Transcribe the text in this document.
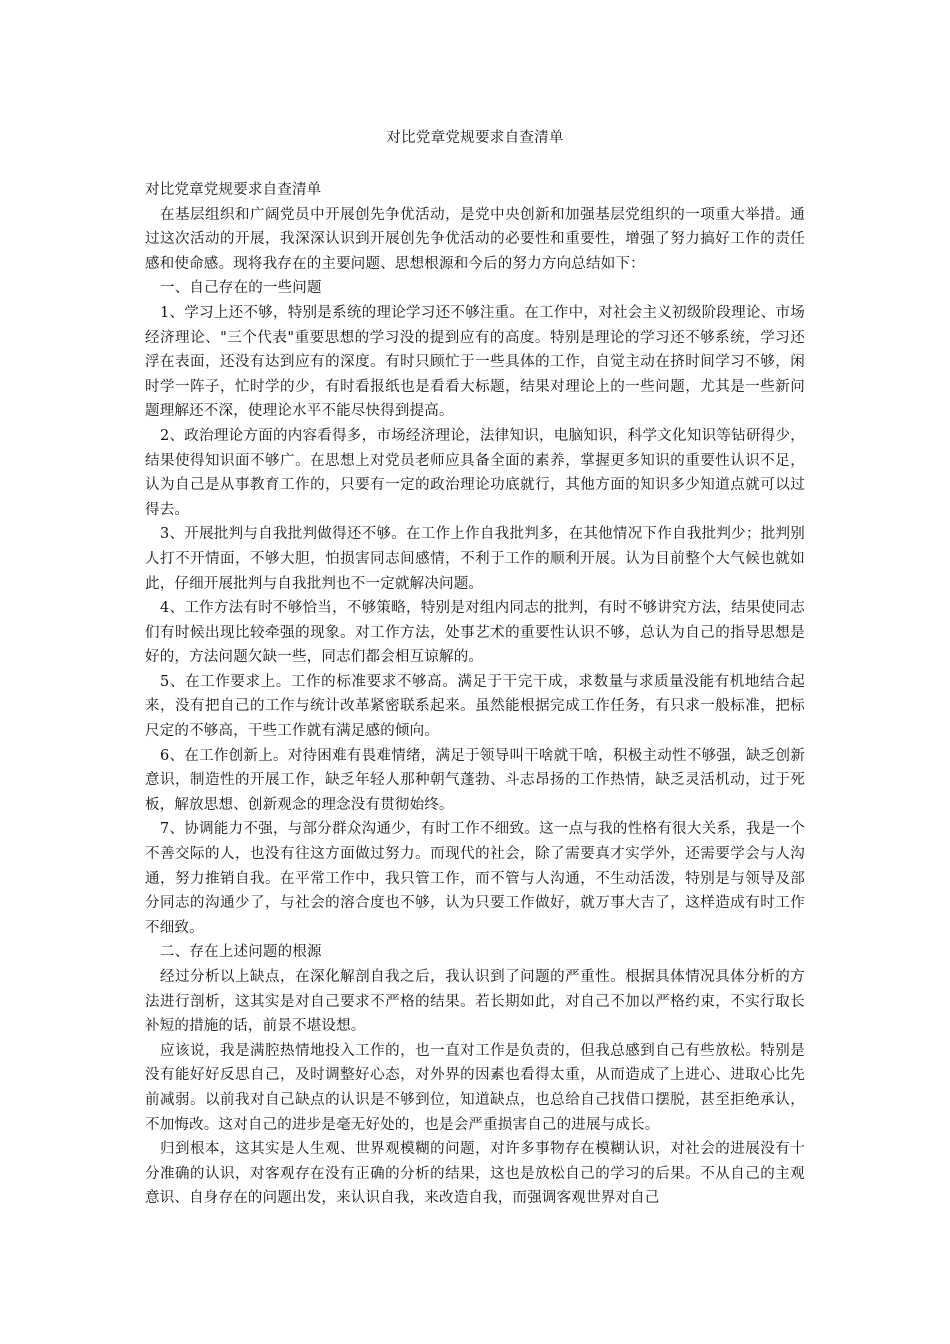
对比党章党规要求自查清单

对比党章党规要求自查清单

在基层组织和广阔党员中开展创先争优活动，是党中央创新和加强基层党组织的一项重大举措。通过这次活动的开展，我深深认识到开展创先争优活动的必要性和重要性，增强了努力搞好工作的责任感和使命感。现将我存在的主要问题、思想根源和今后的努力方向总结如下：

一、自己存在的一些问题

1、学习上还不够，特别是系统的理论学习还不够注重。在工作中，对社会主义初级阶段理论、市场经济理论、"三个代表"重要思想的学习没的提到应有的高度。特别是理论的学习还不够系统，学习还浮在表面，还没有达到应有的深度。有时只顾忙于一些具体的工作，自觉主动在挤时间学习不够，闲时学一阵子，忙时学的少，有时看报纸也是看看大标题，结果对理论上的一些问题，尤其是一些新问题理解还不深，使理论水平不能尽快得到提高。

2、政治理论方面的内容看得多，市场经济理论，法律知识，电脑知识，科学文化知识等钻研得少，结果使得知识面不够广。在思想上对党员老师应具备全面的素养，掌握更多知识的重要性认识不足，认为自己是从事教育工作的，只要有一定的政治理论功底就行，其他方面的知识多少知道点就可以过得去。

3、开展批判与自我批判做得还不够。在工作上作自我批判多，在其他情况下作自我批判少；批判别人打不开情面，不够大胆，怕损害同志间感情，不利于工作的顺利开展。认为目前整个大气候也就如此，仔细开展批判与自我批判也不一定就解决问题。

4、工作方法有时不够恰当，不够策略，特别是对组内同志的批判，有时不够讲究方法，结果使同志们有时候出现比较牵强的现象。对工作方法，处事艺术的重要性认识不够，总认为自己的指导思想是好的，方法问题欠缺一些，同志们都会相互谅解的。

5、在工作要求上。工作的标准要求不够高。满足于干完干成，求数量与求质量没能有机地结合起来，没有把自己的工作与统计改革紧密联系起来。虽然能根据完成工作任务，有只求一般标准，把标尺定的不够高，干些工作就有满足感的倾向。

6、在工作创新上。对待困难有畏难情绪，满足于领导叫干啥就干啥，积极主动性不够强，缺乏创新意识，制造性的开展工作，缺乏年轻人那种朝气蓬勃、斗志昂扬的工作热情，缺乏灵活机动，过于死板，解放思想、创新观念的理念没有贯彻始终。

7、协调能力不强，与部分群众沟通少，有时工作不细致。这一点与我的性格有很大关系，我是一个不善交际的人，也没有往这方面做过努力。而现代的社会，除了需要真才实学外，还需要学会与人沟通，努力推销自我。在平常工作中，我只管工作，而不管与人沟通，不生动活泼，特别是与领导及部分同志的沟通少了，与社会的溶合度也不够，认为只要工作做好，就万事大吉了，这样造成有时工作不细致。

二、存在上述问题的根源

经过分析以上缺点，在深化解剖自我之后，我认识到了问题的严重性。根据具体情况具体分析的方法进行剖析，这其实是对自己要求不严格的结果。若长期如此，对自己不加以严格约束，不实行取长补短的措施的话，前景不堪设想。

应该说，我是满腔热情地投入工作的，也一直对工作是负责的，但我总感到自己有些放松。特别是没有能好好反思自己，及时调整好心态，对外界的因素也看得太重，从而造成了上进心、进取心比先前减弱。以前我对自己缺点的认识是不够到位，知道缺点，也总给自己找借口摆脱，甚至拒绝承认，不加悔改。这对自己的进步是毫无好处的，也是会严重损害自己的进展与成长。

归到根本，这其实是人生观、世界观模糊的问题，对许多事物存在模糊认识，对社会的进展没有十分准确的认识，对客观存在没有正确的分析的结果，这也是放松自己的学习的后果。不从自己的主观意识、自身存在的问题出发，来认识自我，来改造自我，而强调客观世界对自己
